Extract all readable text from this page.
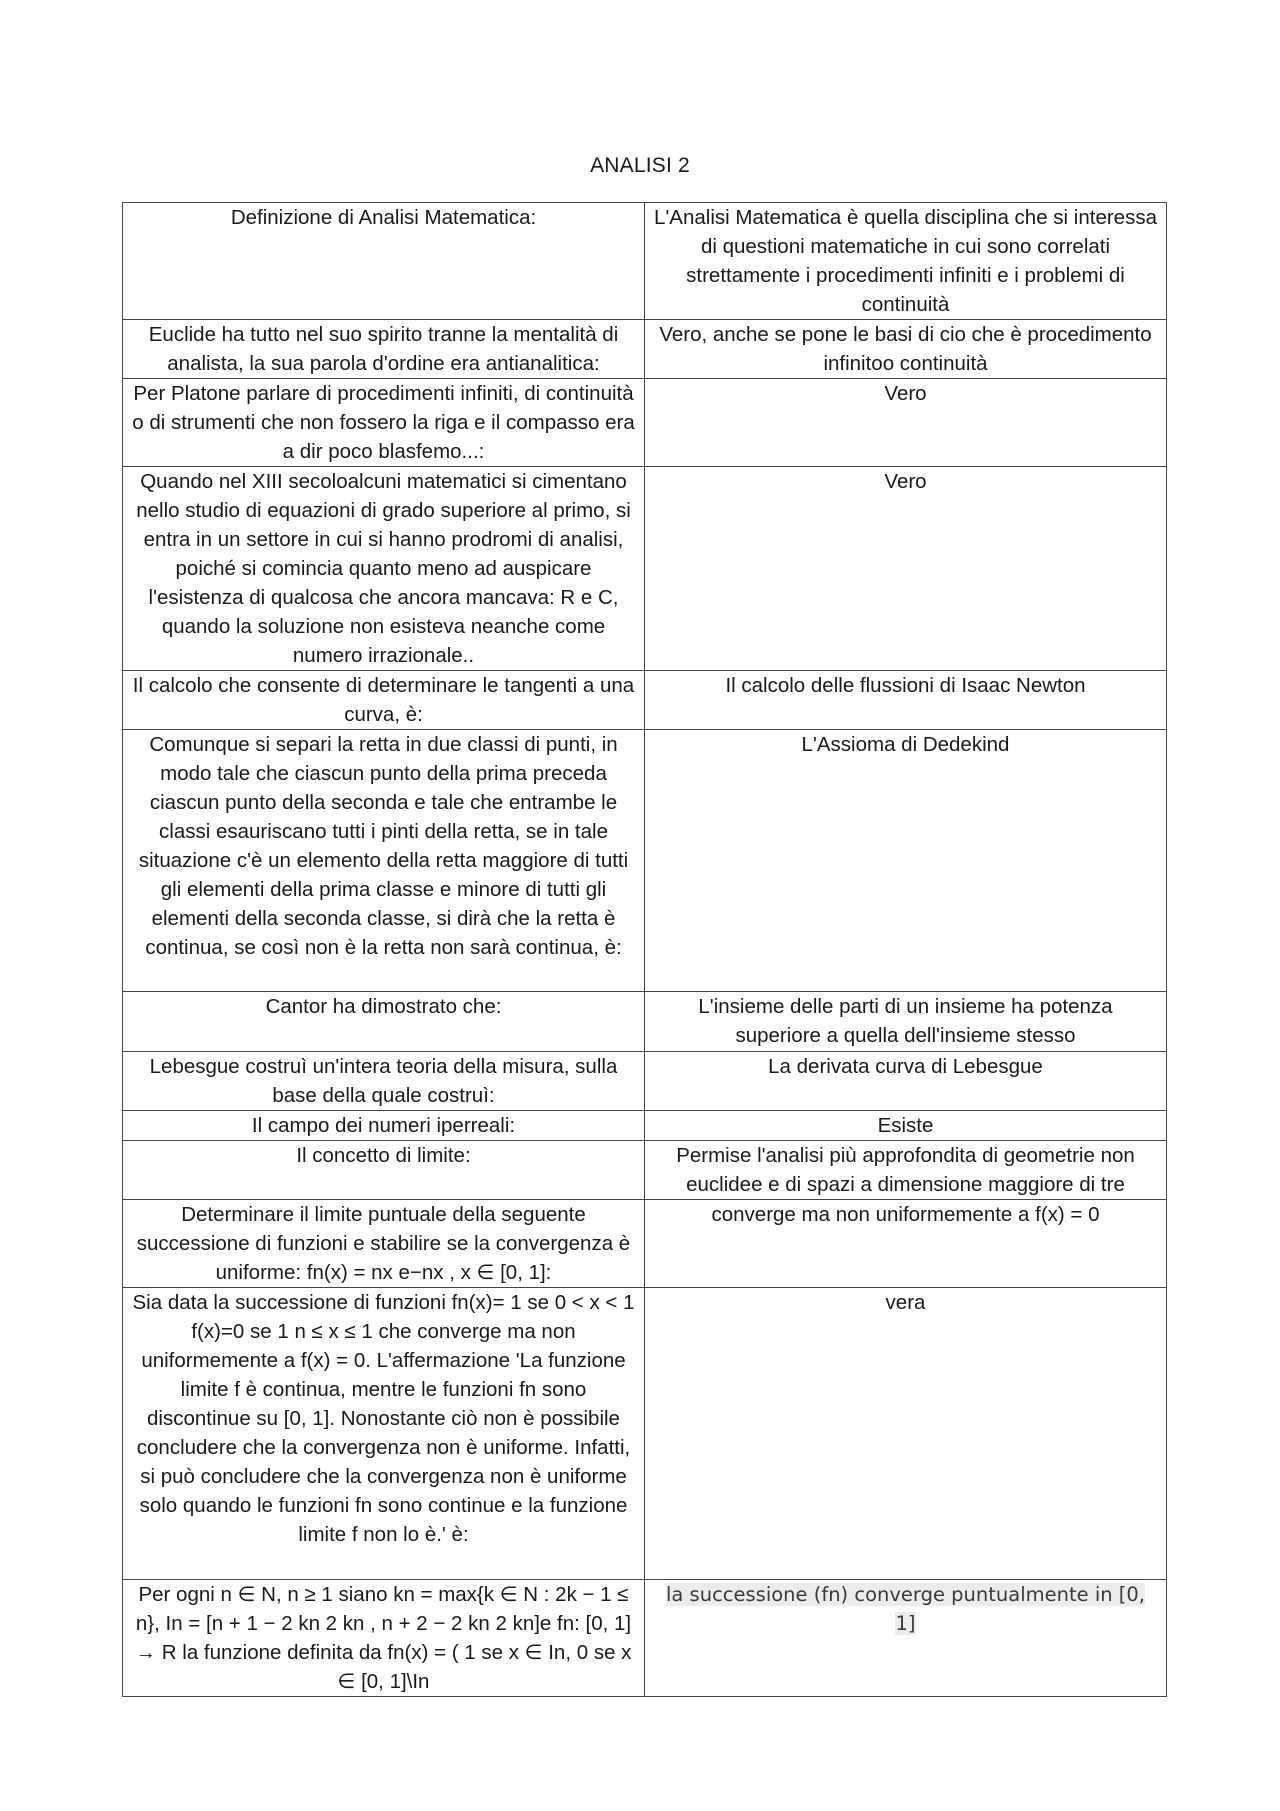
ANALISI 2
Definizione di Analisi Matematica:	L'Analisi Matematica è quella disciplina che si interessa di questioni matematiche in cui sono correlati strettamente i procedimenti infiniti e i problemi di continuità
Euclide ha tutto nel suo spirito tranne la mentalità di analista, la sua parola d'ordine era antianalitica:	Vero, anche se pone le basi di cio che è procedimento infinitoo continuità
Per Platone parlare di procedimenti infiniti, di continuità o di strumenti che non fossero la riga e il compasso era a dir poco blasfemo...:	Vero
Quando nel XIII secoloalcuni matematici si cimentano nello studio di equazioni di grado superiore al primo, si entra in un settore in cui si hanno prodromi di analisi, poiché si comincia quanto meno ad auspicare l'esistenza di qualcosa che ancora mancava: R e C, quando la soluzione non esisteva neanche come numero irrazionale..	Vero
Il calcolo che consente di determinare le tangenti a una curva, è:	Il calcolo delle flussioni di Isaac Newton
Comunque si separi la retta in due classi di punti, in modo tale che ciascun punto della prima preceda ciascun punto della seconda e tale che entrambe le classi esauriscano tutti i pinti della retta, se in tale situazione c'è un elemento della retta maggiore di tutti gli elementi della prima classe e minore di tutti gli elementi della seconda classe, si dirà che la retta è continua, se così non è la retta non sarà continua, è:	L'Assioma di Dedekind
Cantor ha dimostrato che:	L'insieme delle parti di un insieme ha potenza superiore a quella dell'insieme stesso
Lebesgue costruì un'intera teoria della misura, sulla base della quale costruì:	La derivata curva di Lebesgue
Il campo dei numeri iperreali:	Esiste
Il concetto di limite:	Permise l'analisi più approfondita di geometrie non euclidee e di spazi a dimensione maggiore di tre
Determinare il limite puntuale della seguente successione di funzioni e stabilire se la convergenza è uniforme: fn(x) = nx e−nx , x ∈ [0, 1]:	converge ma non uniformemente a f(x) = 0
Sia data la successione di funzioni fn(x)= 1 se 0 < x < 1 f(x)=0 se 1 n ≤ x ≤ 1 che converge ma non uniformemente a f(x) = 0. L'affermazione 'La funzione limite f è continua, mentre le funzioni fn sono discontinue su [0, 1]. Nonostante ciò non è possibile concludere che la convergenza non è uniforme. Infatti, si può concludere che la convergenza non è uniforme solo quando le funzioni fn sono continue e la funzione limite f non lo è.' è:	vera
Per ogni n ∈ N, n ≥ 1 siano kn = max{k ∈ N : 2k − 1 ≤ n}, In = [n + 1 − 2 kn 2 kn , n + 2 − 2 kn 2 kn]e fn: [0, 1] → R la funzione definita da fn(x) = ( 1 se x ∈ In, 0 se x ∈ [0, 1]\In	la successione (fn) converge puntualmente in [0, 1]
